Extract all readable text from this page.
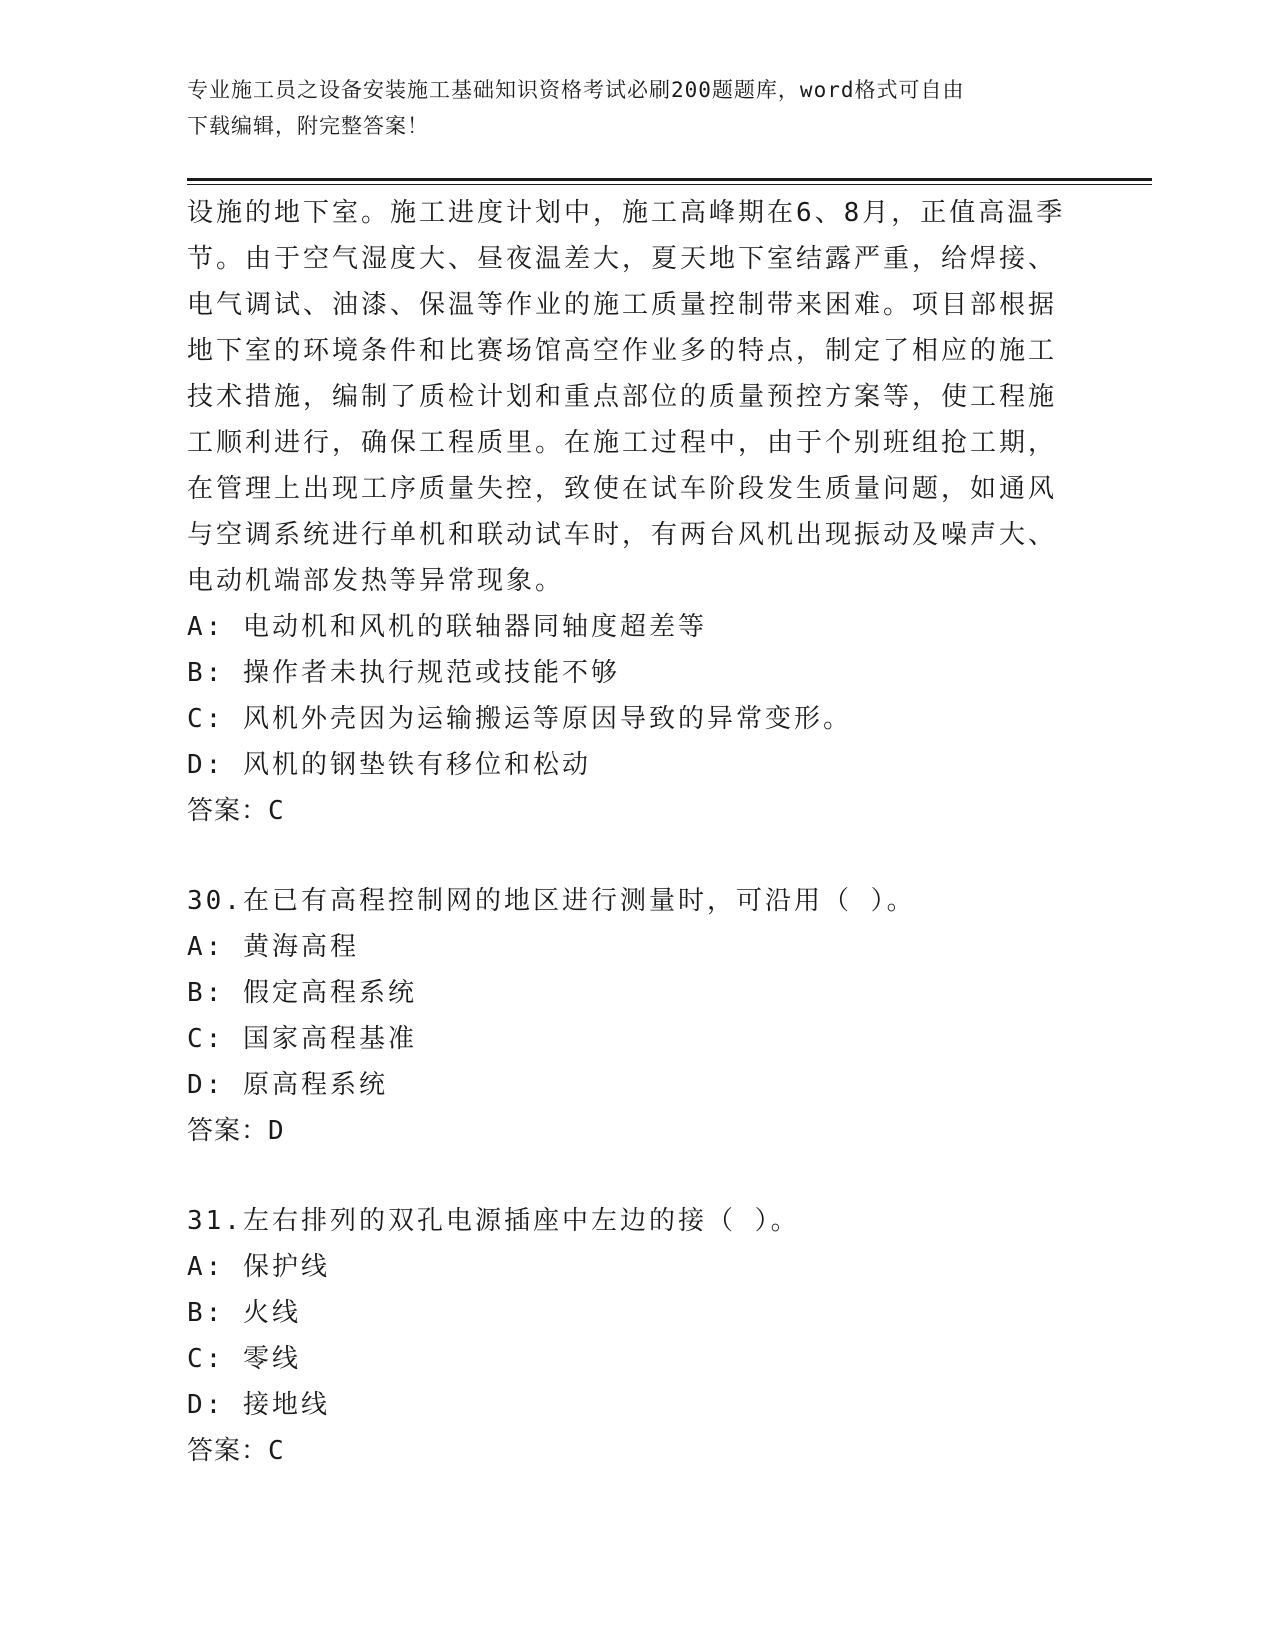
专业施工员之设备安装施工基础知识资格考试必刷200题题库，word格式可自由
下载编辑，附完整答案！
设施的地下室。施工进度计划中，施工高峰期在6、8月，正值高温季
节。由于空气湿度大、昼夜温差大，夏天地下室结露严重，给焊接、
电气调试、油漆、保温等作业的施工质量控制带来困难。项目部根据
地下室的环境条件和比赛场馆高空作业多的特点，制定了相应的施工
技术措施，编制了质检计划和重点部位的质量预控方案等，使工程施
工顺利进行，确保工程质里。在施工过程中，由于个别班组抢工期，
在管理上出现工序质量失控，致使在试车阶段发生质量问题，如通风
与空调系统进行单机和联动试车时，有两台风机出现振动及噪声大、
电动机端部发热等异常现象。
A: 电动机和风机的联轴器同轴度超差等
B: 操作者未执行规范或技能不够
C: 风机外壳因为运输搬运等原因导致的异常变形。
D: 风机的钢垫铁有移位和松动
答案：C
30.在已有高程控制网的地区进行测量时，可沿用（ ）。
A: 黄海高程
B: 假定高程系统
C: 国家高程基准
D: 原高程系统
答案：D
31.左右排列的双孔电源插座中左边的接（ ）。
A: 保护线
B: 火线
C: 零线
D: 接地线
答案：C
